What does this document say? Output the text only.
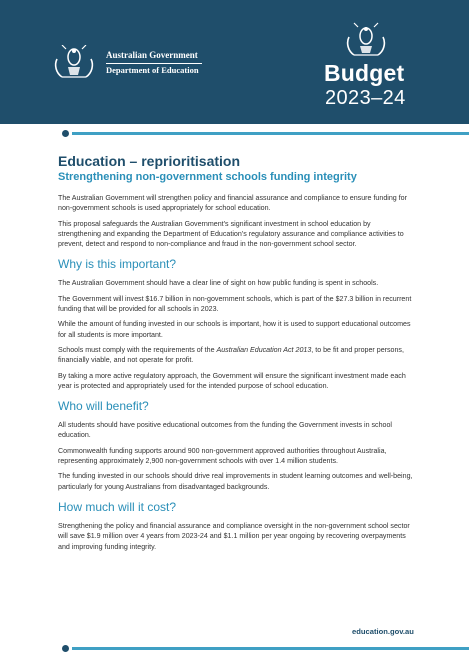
Australian Government
Department of Education	Budget
2023–24
Education – reprioritisation
Strengthening non-government schools funding integrity

The Australian Government will strengthen policy and financial assurance and compliance to ensure funding for non-government schools is used appropriately for school education.

This proposal safeguards the Australian Government’s significant investment in school education by strengthening and expanding the Department of Education’s regulatory assurance and compliance activities to prevent, detect and respond to non-compliance and fraud in the non-government school sector.

Why is this important?

The Australian Government should have a clear line of sight on how public funding is spent in schools.

The Government will invest $16.7 billion in non-government schools, which is part of the $27.3 billion in recurrent funding that will be provided for all schools in 2023.

While the amount of funding invested in our schools is important, how it is used to support educational outcomes for all students is more important.

Schools must comply with the requirements of the Australian Education Act 2013, to be fit and proper persons, financially viable, and not operate for profit.

By taking a more active regulatory approach, the Government will ensure the significant investment made each year is protected and appropriately used for the intended purpose of school education.

Who will benefit?

All students should have positive educational outcomes from the funding the Government invests in school education.

Commonwealth funding supports around 900 non-government approved authorities throughout Australia, representing approximately 2,900 non-government schools with over 1.4 million students.

The funding invested in our schools should drive real improvements in student learning outcomes and well-being, particularly for young Australians from disadvantaged backgrounds.

How much will it cost?

Strengthening the policy and financial assurance and compliance oversight in the non-government school sector will save $1.9 million over 4 years from 2023-24 and $1.1 million per year ongoing by recovering overpayments and improving funding integrity.

education.gov.au
